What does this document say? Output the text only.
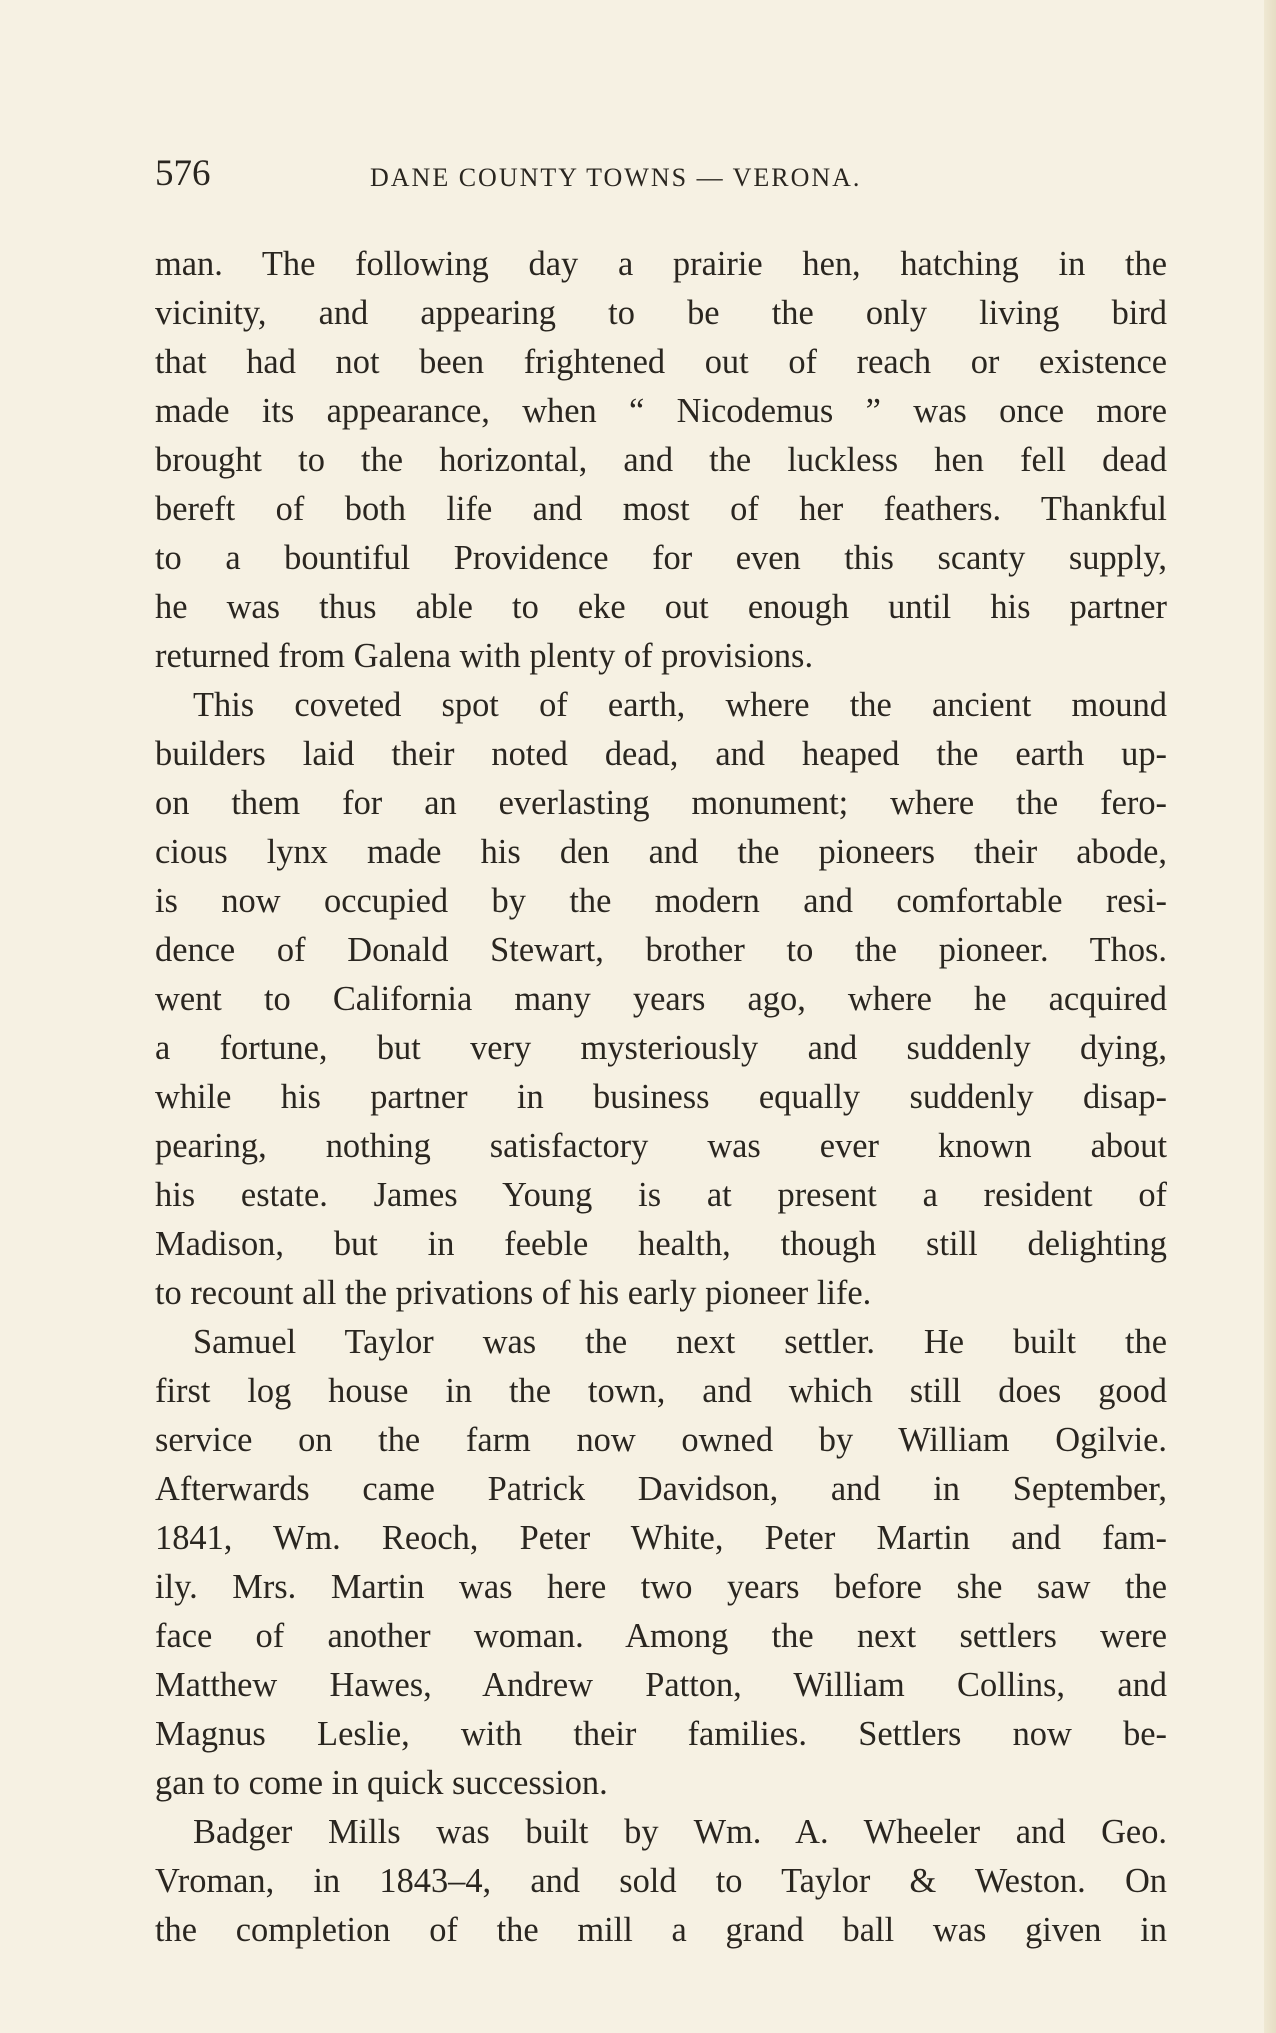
576	DANE COUNTY TOWNS — VERONA.
man. The following day a prairie hen, hatching in the
vicinity, and appearing to be the only living bird
that had not been frightened out of reach or existence
made its appearance, when “ Nicodemus ” was once more
brought to the horizontal, and the luckless hen fell dead
bereft of both life and most of her feathers. Thankful
to a bountiful Providence for even this scanty supply,
he was thus able to eke out enough until his partner
returned from Galena with plenty of provisions.
This coveted spot of earth, where the ancient mound
builders laid their noted dead, and heaped the earth up-
on them for an everlasting monument; where the fero-
cious lynx made his den and the pioneers their abode,
is now occupied by the modern and comfortable resi-
dence of Donald Stewart, brother to the pioneer. Thos.
went to California many years ago, where he acquired
a fortune, but very mysteriously and suddenly dying,
while his partner in business equally suddenly disap-
pearing, nothing satisfactory was ever known about
his estate. James Young is at present a resident of
Madison, but in feeble health, though still delighting
to recount all the privations of his early pioneer life.
Samuel Taylor was the next settler. He built the
first log house in the town, and which still does good
service on the farm now owned by William Ogilvie.
Afterwards came Patrick Davidson, and in September,
1841, Wm. Reoch, Peter White, Peter Martin and fam-
ily. Mrs. Martin was here two years before she saw the
face of another woman. Among the next settlers were
Matthew Hawes, Andrew Patton, William Collins, and
Magnus Leslie, with their families. Settlers now be-
gan to come in quick succession.
Badger Mills was built by Wm. A. Wheeler and Geo.
Vroman, in 1843–4, and sold to Taylor & Weston. On
the completion of the mill a grand ball was given in
